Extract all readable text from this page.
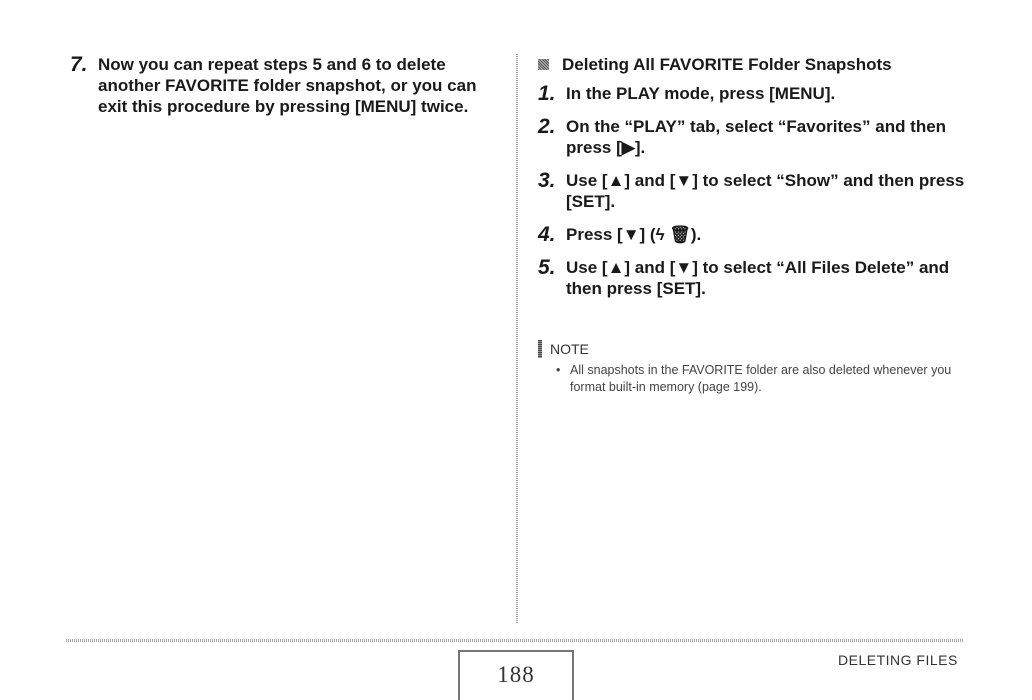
7. Now you can repeat steps 5 and 6 to delete another FAVORITE folder snapshot, or you can exit this procedure by pressing [MENU] twice.
Deleting All FAVORITE Folder Snapshots
1. In the PLAY mode, press [MENU].
2. On the “PLAY” tab, select “Favorites” and then press [▶].
3. Use [▲] and [▼] to select “Show” and then press [SET].
4. Press [▼] (ϟ 🗑).
5. Use [▲] and [▼] to select “All Files Delete” and then press [SET].
NOTE
• All snapshots in the FAVORITE folder are also deleted whenever you format built-in memory (page 199).
188
DELETING FILES
